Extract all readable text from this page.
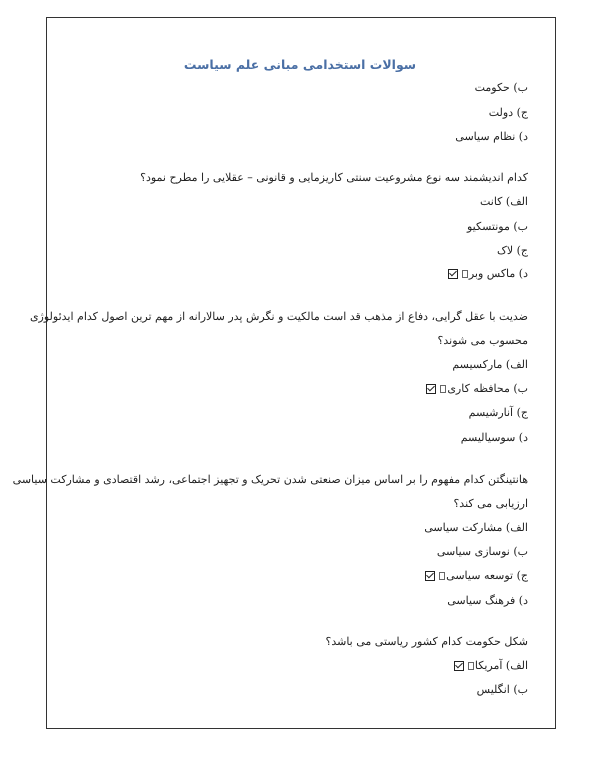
سوالات استخدامی مبانی علم سیاست
ب) حکومت
ج) دولت
د) نظام سیاسی
کدام اندیشمند سه نوع مشروعیت سنتی کاریزمایی و قانونی – عقلایی را مطرح نمود؟
الف) کانت
ب) مونتسکیو
ج) لاک
د) ماکس وبر
ضدیت با عقل گرایی، دفاع از مذهب قد است مالکیت و نگرش پدر سالارانه از مهم ترین اصول کدام ایدئولوژی
محسوب می شوند؟
الف) مارکسیسم
ب) محافظه کاری
ج) آنارشیسم
د) سوسیالیسم
هانتینگتن کدام مفهوم را بر اساس میزان صنعتی شدن تحریک و تجهیز اجتماعی، رشد اقتصادی و مشارکت سیاسی
ارزیابی می کند؟
الف) مشارکت سیاسی
ب) نوسازی سیاسی
ج) توسعه سیاسی
د) فرهنگ سیاسی
شکل حکومت کدام کشور ریاستی می باشد؟
الف) آمریکا
ب) انگلیس
